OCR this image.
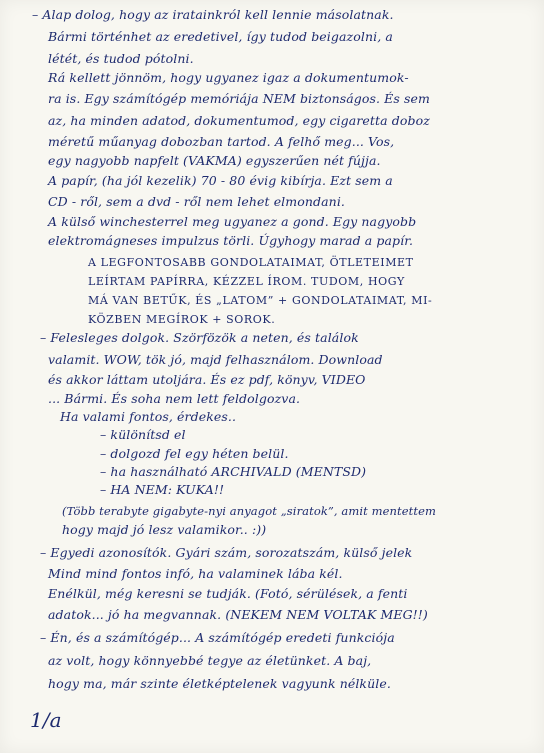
– Alap dolog, hogy az iratainkról kell lennie másolatnak.
Bármi történhet az eredetivel, így tudod beigazolni, a
létét, és tudod pótolni.
Rá kellett jönnöm, hogy ugyanez igaz a dokumentumok-
ra is. Egy számítógép memóriája NEM biztonságos. És sem
az, ha minden adatod, dokumentumod, egy cigaretta doboz
méretű műanyag dobozban tartod. A felhő meg... Vos,
egy nagyobb napfelt (VAKMA) egyszerűen nét fújja.
A papír, (ha jól kezelik) 70 - 80 évig kibírja. Ezt sem a
CD - ről, sem a dvd - ről nem lehet elmondani.
A külső winchesterrel meg ugyanez a gond. Egy nagyobb
elektromágneses impulzus törli. Úgyhogy marad a papír.
A LEGFONTOSABB GONDOLATAIMAT, ÖTLETEIMET
LEÍRTAM PAPÍRRA, KÉZZEL ÍROM. TUDOM, HOGY
MÁ VAN BETŰK, ÉS „LATOM” + GONDOLATAIMAT, MI-
KÖZBEN MEGÍROK + SOROK.
– Felesleges dolgok. Szörfözök a neten, és találok
valamit. WOW, tök jó, majd felhasználom. Download
és akkor láttam utoljára. És ez pdf, könyv, VIDEO
... Bármi. És soha nem lett feldolgozva.
Ha valami fontos, érdekes..
– különítsd el
– dolgozd fel egy héten belül.
– ha használható ARCHIVALD (MENTSD)
– HA NEM: KUKA!!
(Több terabyte gigabyte-nyi anyagot „siratok”, amit mentettem
hogy majd jó lesz valamikor.. :))
– Egyedi azonosítók. Gyári szám, sorozatszám, külső jelek
Mind mind fontos infó, ha valaminek lába kél.
Enélkül, még keresni se tudják. (Fotó, sérülések, a fenti
adatok... jó ha megvannak. (NEKEM NEM VOLTAK MEG!!)
– Én, és a számítógép... A számítógép eredeti funkciója
az volt, hogy könnyebbé tegye az életünket. A baj,
hogy ma, már szinte életképtelenek vagyunk nélküle.
1/a
